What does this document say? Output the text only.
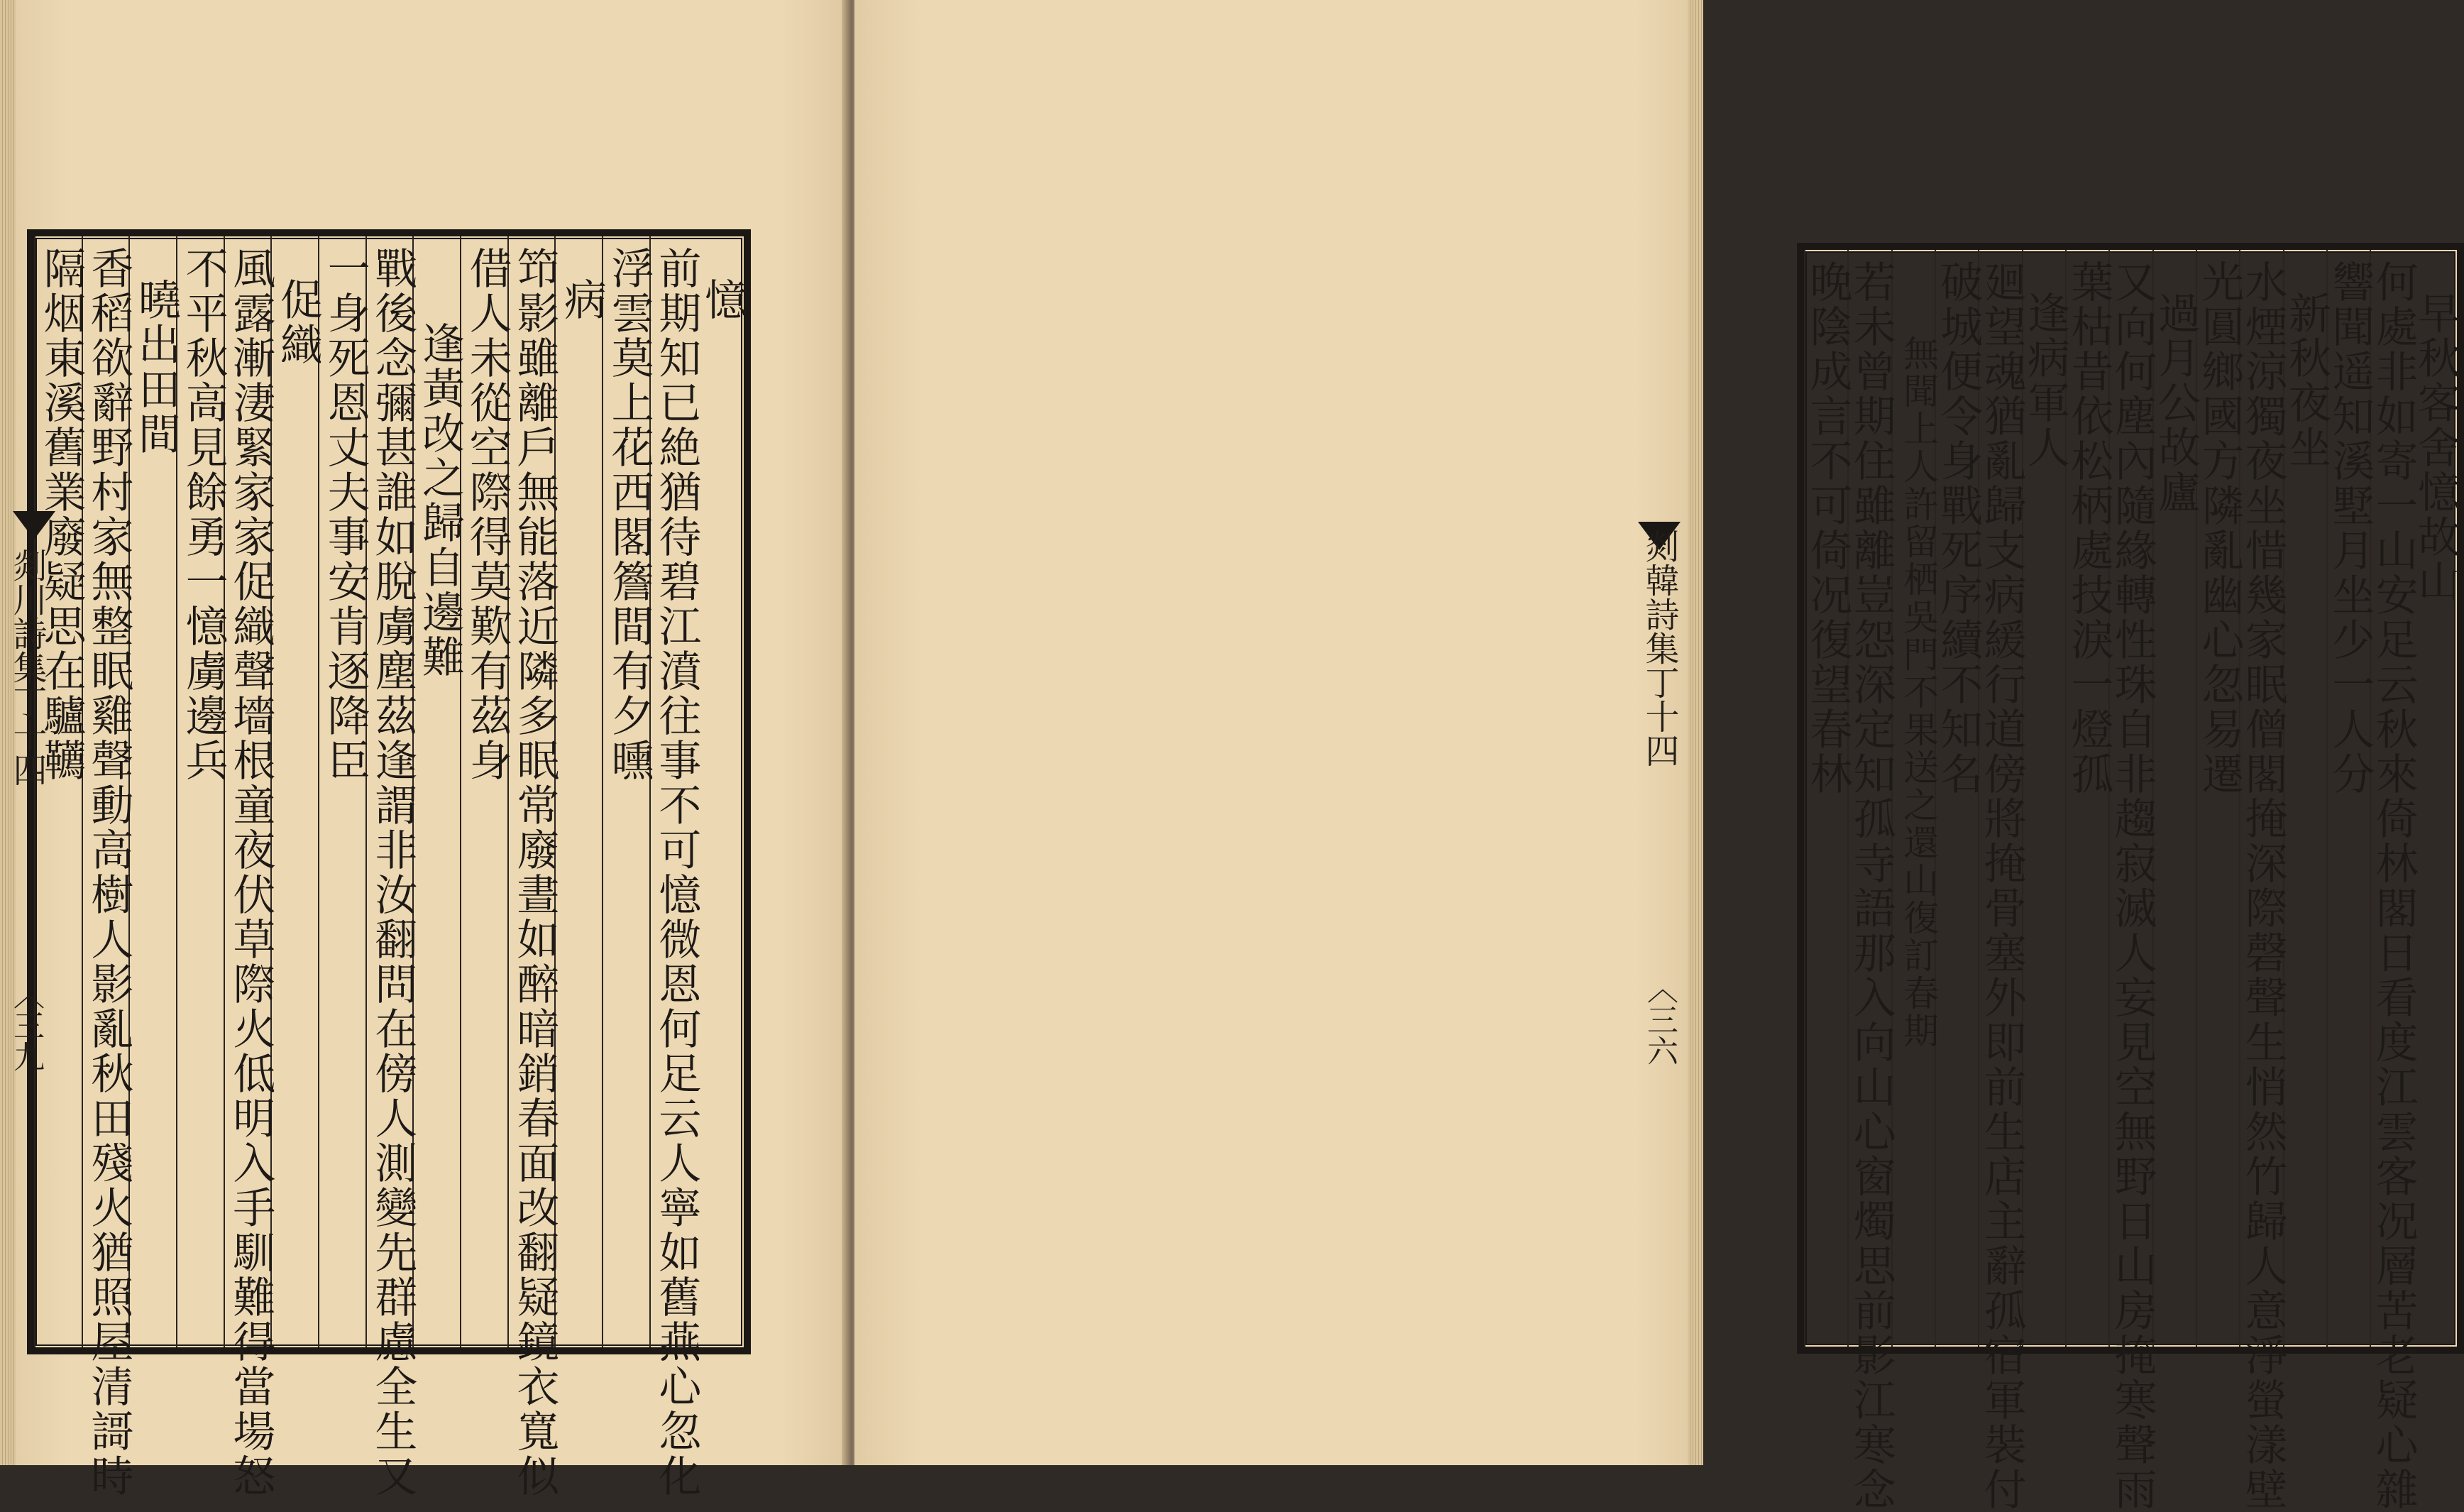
憶
前期知已絶猶待碧江濆往事不可憶微恩何足云人寧如舊燕心忽化
浮雲莫上花西閣簷間有夕曛
病
笻影雖離戶無能落近隣多眠常廢晝如醉暗銷春面改翻疑鏡衣寬似
借人未從空際得莫歎有茲身
逢黃改之歸自邊難
戰後念彌甚誰如脫虜塵茲逢謂非汝翻問在傍人測變先群慮全生又
一身死恩丈夫事安肯逐降臣
促織
風露漸淒緊家家促織聲墻根童夜伏草際火低明入手馴難得當場怒
不平秋高見餘勇一憶虜邊兵
曉出田間
香稻欲辭野村家無整眠雞聲動高樹人影亂秋田殘火猶照屋清謌時
隔烟東溪舊業廢疑思在驢韉
剡川詩集丁十四
〈三九
早秋客舍憶故山
何處非如寄一山安足云秋來倚林閣日看度江雲客况層苦老疑心雜
響聞遥知溪墅月坐少一人分
新秋夜坐
水煙涼獨夜坐惜幾家眠僧閣掩深際磬聲生悄然竹歸人意淨螢漾壁
光圓鄉國方隣亂幽心忽易遷
過月公故廬
又向何塵內隨緣轉性珠自非趨寂滅人妄見空無野日山房掩寒聲雨
葉枯昔依松柄處技淚一燈孤
逢病軍人
廻望魂猶亂歸支病緩行道傍將掩骨塞外即前生店主辭孤宿軍裝付
破城便令身戰死序續不知名
無聞上人許留栖吳門不果送之還山復訂春期
若未曾期住雖離豈怨深定知孤寺語那入向山心窗燭思前影江寒念
晚陰成言不可倚况復望春林
剡韓詩集丁十四
〈三六
